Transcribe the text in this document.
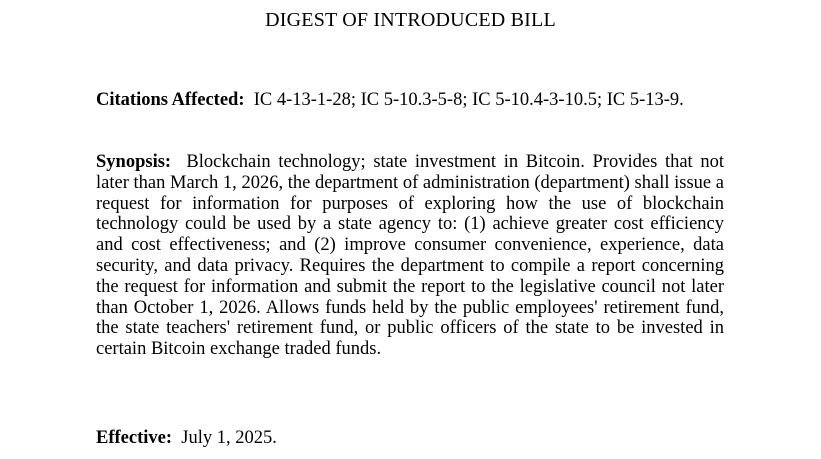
DIGEST OF INTRODUCED BILL
Citations Affected: IC 4-13-1-28; IC 5-10.3-5-8; IC 5-10.4-3-10.5; IC 5-13-9.
Synopsis: Blockchain technology; state investment in Bitcoin. Provides that not later than March 1, 2026, the department of administration (department) shall issue a request for information for purposes of exploring how the use of blockchain technology could be used by a state agency to: (1) achieve greater cost efficiency and cost effectiveness; and (2) improve consumer convenience, experience, data security, and data privacy. Requires the department to compile a report concerning the request for information and submit the report to the legislative council not later than October 1, 2026. Allows funds held by the public employees' retirement fund, the state teachers' retirement fund, or public officers of the state to be invested in certain Bitcoin exchange traded funds.
Effective: July 1, 2025.
